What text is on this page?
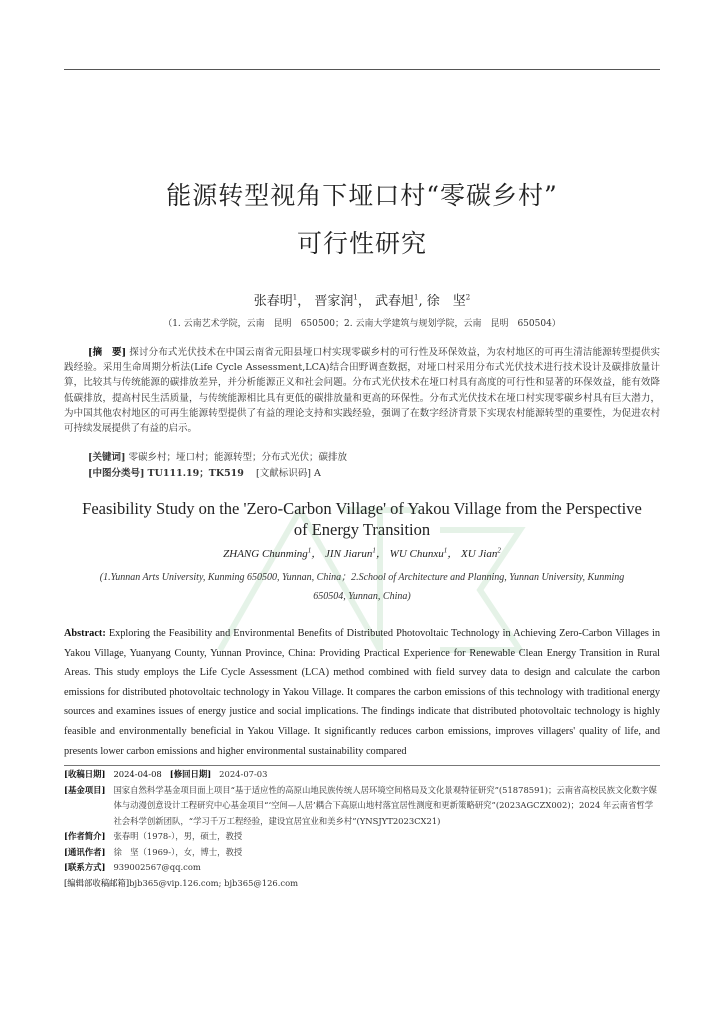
能源转型视角下垭口村“零碳乡村”
可行性研究
张春明$^1$， 晋家润$^1$， 武春旭$^1$, 徐　坚$^2$
（1. 云南艺术学院，云南　昆明　650500；2. 云南大学建筑与规划学院，云南　昆明　650504）
[摘　要] 探讨分布式光伏技术在中国云南省元阳县垭口村实现零碳乡村的可行性及环保效益，为农村地区的可再生清洁能源转型提供实践经验。采用生命周期分析法(Life Cycle Assessment,LCA)结合田野调查数据，对垭口村采用分布式光伏技术进行技术设计及碳排放量计算，比较其与传统能源的碳排放差异，并分析能源正义和社会问题。分布式光伏技术在垭口村具有高度的可行性和显著的环保效益，能有效降低碳排放，提高村民生活质量，与传统能源相比具有更低的碳排放量和更高的环保性。分布式光伏技术在垭口村实现零碳乡村具有巨大潜力，为中国其他农村地区的可再生能源转型提供了有益的理论支持和实践经验，强调了在数字经济背景下实现农村能源转型的重要性，为促进农村可持续发展提供了有益的启示。
[关键词] 零碳乡村；垭口村；能源转型；分布式光伏；碳排放
[中图分类号] TU111.19；TK519 [文献标识码] A
Feasibility Study on the 'Zero-Carbon Village' of Yakou Village from the Perspective
of Energy Transition
ZHANG Chunming$^1$， JIN Jiarun$^1$， WU Chunxu$^1$， XU Jian$^2$
(1.Yunnan Arts University, Kunming 650500, Yunnan, China；2.School of Architecture and Planning, Yunnan University, Kunming
650504, Yunnan, China)
Abstract: Exploring the Feasibility and Environmental Benefits of Distributed Photovoltaic Technology in Achieving Zero-Carbon Villages in Yakou Village, Yuanyang County, Yunnan Province, China: Providing Practical Experience for Renewable Clean Energy Transition in Rural Areas. This study employs the Life Cycle Assessment (LCA) method combined with field survey data to design and calculate the carbon emissions for distributed photovoltaic technology in Yakou Village. It compares the carbon emissions of this technology with traditional energy sources and examines issues of energy justice and social implications. The findings indicate that distributed photovoltaic technology is highly feasible and environmentally beneficial in Yakou Village. It significantly reduces carbon emissions, improves villagers' quality of life, and presents lower carbon emissions and higher environmental sustainability compared
[收稿日期] 2024-04-08 [修回日期] 2024-07-03
[基金项目] 国家自然科学基金项目面上项目“基于适应性的高原山地民族传统人居环境空间格局及文化景观特征研究”(51878591)；云南省高校民族文化数字媒体与动漫创意设计工程研究中心基金项目“‘空间—人居’耦合下高原山地村落宜居性测度和更新策略研究”(2023AGCZX002)；2024 年云南省哲学社会科学创新团队，“学习千万工程经验，建设宜居宜业和美乡村”(YNSJYT2023CX21)
[作者简介] 张春明（1978-），男，硕士，教授
[通讯作者] 徐　坚（1969-），女，博士，教授
[联系方式] 939002567@qq.com
[编辑部收稿邮箱] bjb365@vip.126.com; bjb365@126.com
